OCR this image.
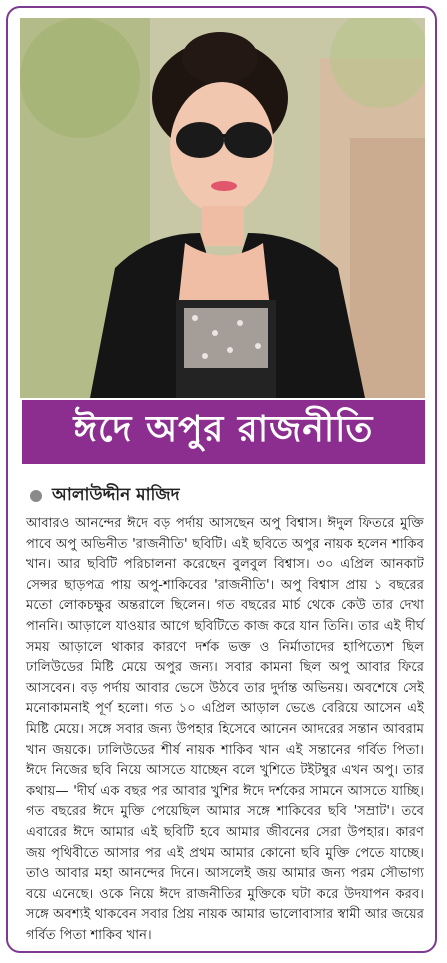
ঈদে অপুর রাজনীতি
আলাউদ্দীন মাজিদ

আবারও আনন্দের ঈদে বড় পর্দায় আসছেন অপু বিশ্বাস। ঈদুল ফিতরে মুক্তি পাবে অপু অভিনীত 'রাজনীতি' ছবিটি। এই ছবিতে অপুর নায়ক হলেন শাকিব খান। আর ছবিটি পরিচালনা করেছেন বুলবুল বিশ্বাস। ৩০ এপ্রিল আনকাট সেন্সর ছাড়পত্র পায় অপু-শাকিবের 'রাজনীতি'। অপু বিশ্বাস প্রায় ১ বছরের মতো লোকচক্ষুর অন্তরালে ছিলেন। গত বছরের মার্চ থেকে কেউ তার দেখা পাননি। আড়ালে যাওয়ার আগে ছবিটিতে কাজ করে যান তিনি। তার এই দীর্ঘ সময় আড়ালে থাকার কারণে দর্শক ভক্ত ও নির্মাতাদের হাপিত্যেশ ছিল ঢালিউডের মিষ্টি মেয়ে অপুর জন্য। সবার কামনা ছিল অপু আবার ফিরে আসবেন। বড় পর্দায় আবার ভেসে উঠবে তার দুর্দান্ত অভিনয়। অবশেষে সেই মনোকামনাই পূর্ণ হলো। গত ১০ এপ্রিল আড়াল ভেঙে বেরিয়ে আসেন এই মিষ্টি মেয়ে। সঙ্গে সবার জন্য উপহার হিসেবে আনেন আদরের সন্তান আবরাম খান জয়কে। ঢালিউডের শীর্ষ নায়ক শাকিব খান এই সন্তানের গর্বিত পিতা। ঈদে নিজের ছবি নিয়ে আসতে যাচ্ছেন বলে খুশিতে টইটম্বুর এখন অপু। তার কথায়— 'দীর্ঘ এক বছর পর আবার খুশির ঈদে দর্শকের সামনে আসতে যাচ্ছি। গত বছরের ঈদে মুক্তি পেয়েছিল আমার সঙ্গে শাকিবের ছবি 'সম্রাট'। তবে এবারের ঈদে আমার এই ছবিটি হবে আমার জীবনের সেরা উপহার। কারণ জয় পৃথিবীতে আসার পর এই প্রথম আমার কোনো ছবি মুক্তি পেতে যাচ্ছে। তাও আবার মহা আনন্দের দিনে। আসলেই জয় আমার জন্য পরম সৌভাগ্য বয়ে এনেছে। ওকে নিয়ে ঈদে রাজনীতির মুক্তিকে ঘটা করে উদযাপন করব। সঙ্গে অবশ্যই থাকবেন সবার প্রিয় নায়ক আমার ভালোবাসার স্বামী আর জয়ের গর্বিত পিতা শাকিব খান।
